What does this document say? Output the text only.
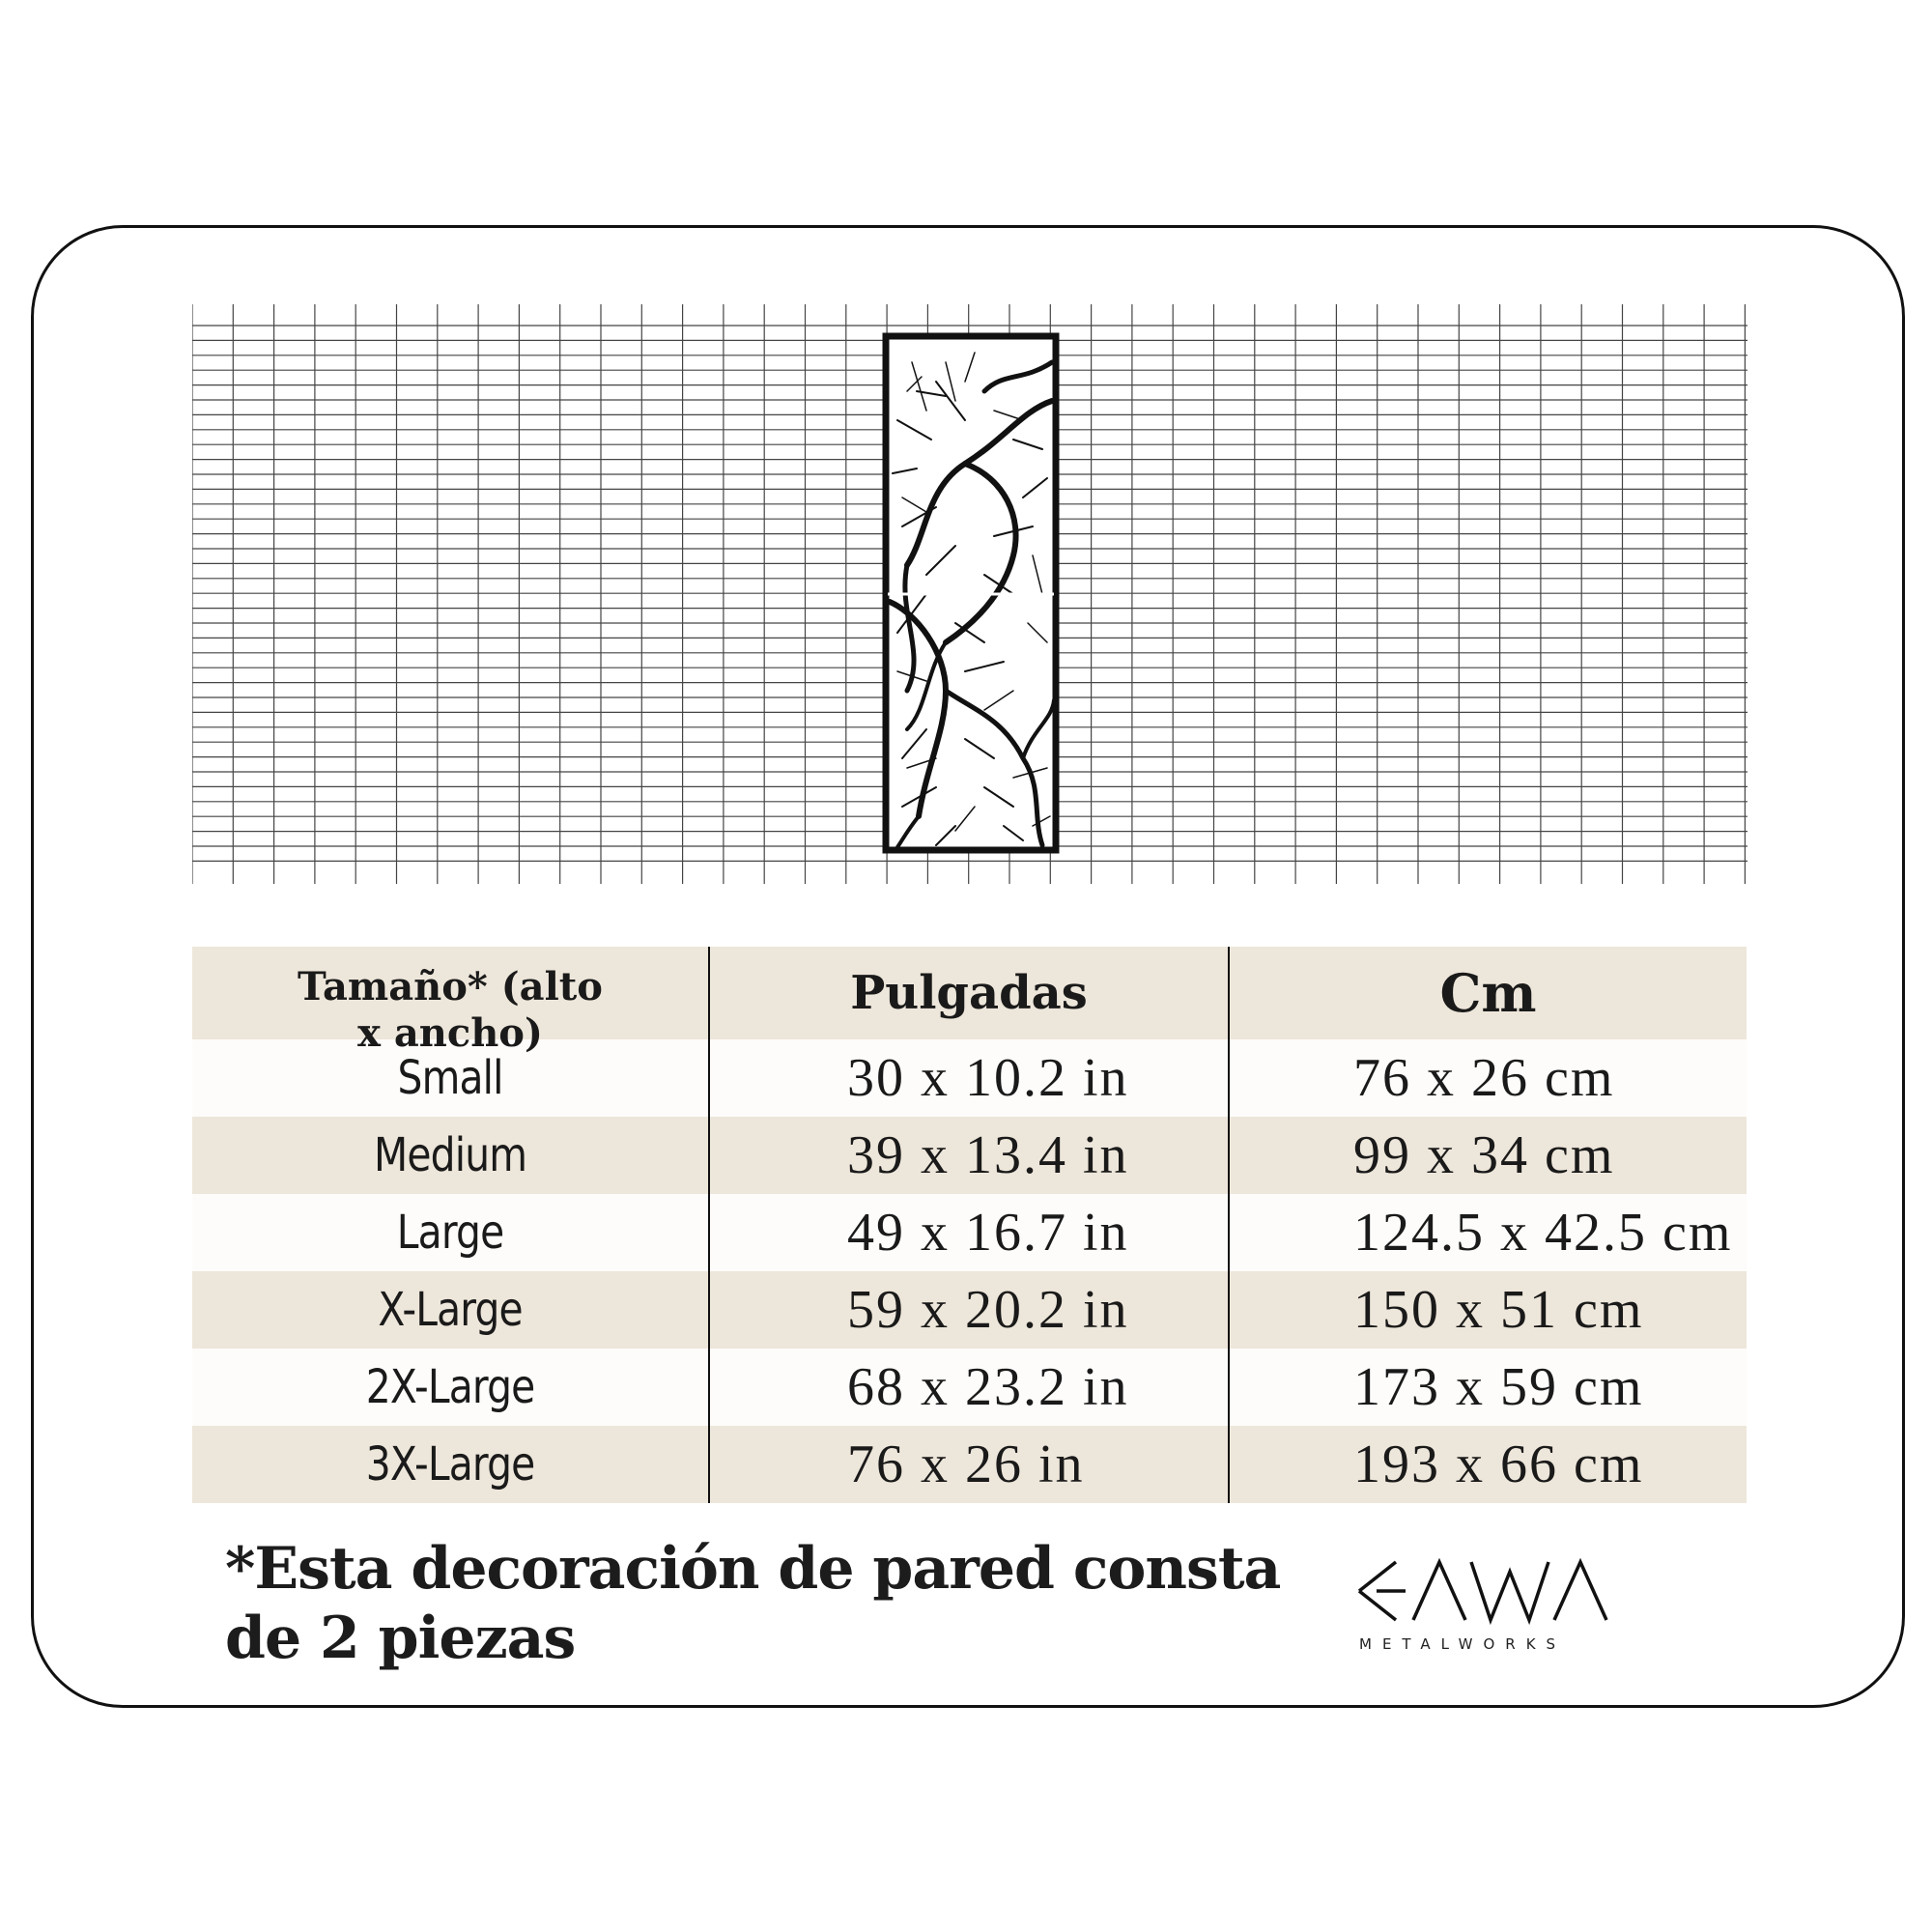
Tamaño* (alto x ancho)	Pulgadas	Cm
Small	30 x 10.2 in	76 x 26 cm
Medium	39 x 13.4 in	99 x 34 cm
Large	49 x 16.7 in	124.5 x 42.5 cm
X-Large	59 x 20.2 in	150 x 51 cm
2X-Large	68 x 23.2 in	173 x 59 cm
3X-Large	76 x 26 in	193 x 66 cm
*Esta decoración de pared consta de 2 piezas	METALWORKS
